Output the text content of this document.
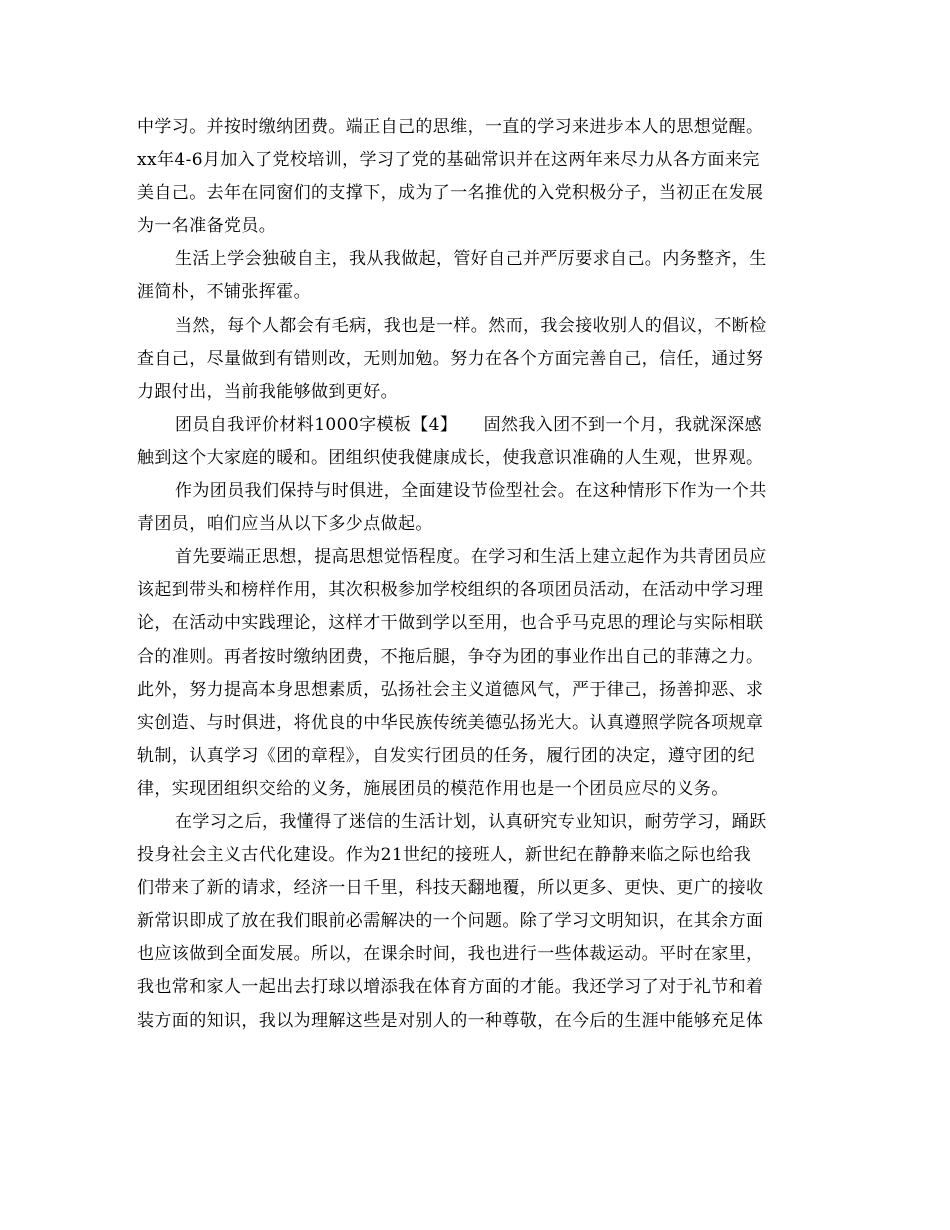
中学习。并按时缴纳团费。端正自己的思维，一直的学习来进步本人的思想觉醒。

xx年4-6月加入了党校培训，学习了党的基础常识并在这两年来尽力从各方面来完

美自己。去年在同窗们的支撑下，成为了一名推优的入党积极分子，当初正在发展

为一名准备党员。

生活上学会独破自主，我从我做起，管好自己并严厉要求自己。内务整齐，生

涯简朴，不铺张挥霍。

当然，每个人都会有毛病，我也是一样。然而，我会接收别人的倡议，不断检

查自己，尽量做到有错则改，无则加勉。努力在各个方面完善自己，信任，通过努

力跟付出，当前我能够做到更好。

团员自我评价材料1000字模板【4】　　固然我入团不到一个月，我就深深感

触到这个大家庭的暖和。团组织使我健康成长，使我意识准确的人生观，世界观。

作为团员我们保持与时俱进，全面建设节俭型社会。在这种情形下作为一个共

青团员，咱们应当从以下多少点做起。

首先要端正思想，提高思想觉悟程度。在学习和生活上建立起作为共青团员应

该起到带头和榜样作用，其次积极参加学校组织的各项团员活动，在活动中学习理

论，在活动中实践理论，这样才干做到学以至用，也合乎马克思的理论与实际相联

合的准则。再者按时缴纳团费，不拖后腿，争夺为团的事业作出自己的菲薄之力。

此外，努力提高本身思想素质，弘扬社会主义道德风气，严于律己，扬善抑恶、求

实创造、与时俱进，将优良的中华民族传统美德弘扬光大。认真遵照学院各项规章

轨制，认真学习《团的章程》，自发实行团员的任务，履行团的决定，遵守团的纪

律，实现团组织交给的义务，施展团员的模范作用也是一个团员应尽的义务。

在学习之后，我懂得了迷信的生活计划，认真研究专业知识，耐劳学习，踊跃

投身社会主义古代化建设。作为21世纪的接班人，新世纪在静静来临之际也给我

们带来了新的请求，经济一日千里，科技天翻地覆，所以更多、更快、更广的接收

新常识即成了放在我们眼前必需解决的一个问题。除了学习文明知识，在其余方面

也应该做到全面发展。所以，在课余时间，我也进行一些体裁运动。平时在家里，

我也常和家人一起出去打球以增添我在体育方面的才能。我还学习了对于礼节和着

装方面的知识，我以为理解这些是对别人的一种尊敬，在今后的生涯中能够充足体
